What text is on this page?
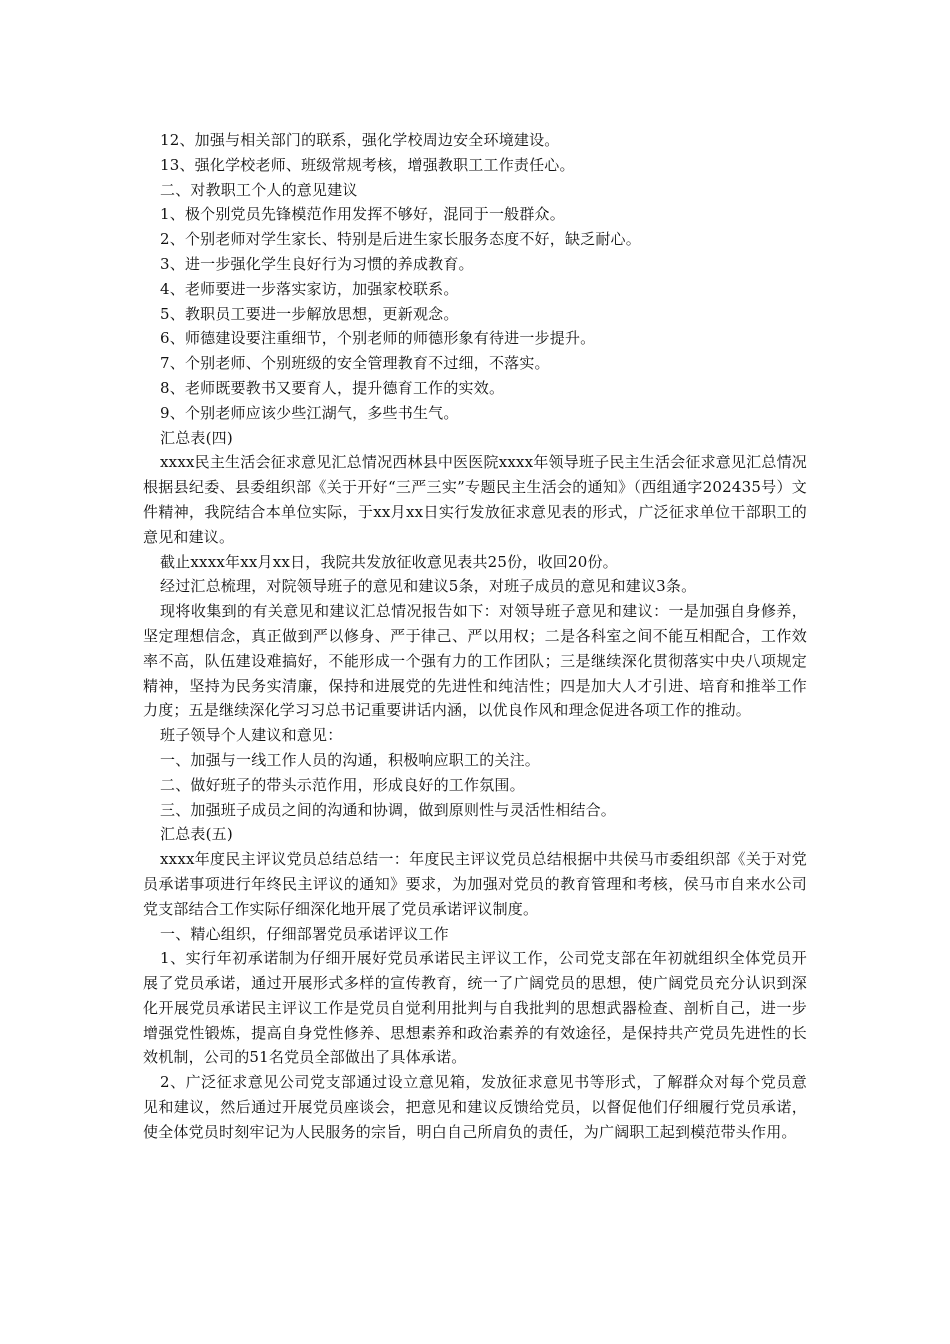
12、加强与相关部门的联系，强化学校周边安全环境建设。

13、强化学校老师、班级常规考核，增强教职工工作责任心。

二、对教职工个人的意见建议

1、极个别党员先锋模范作用发挥不够好，混同于一般群众。

2、个别老师对学生家长、特别是后进生家长服务态度不好，缺乏耐心。

3、进一步强化学生良好行为习惯的养成教育。

4、老师要进一步落实家访，加强家校联系。

5、教职员工要进一步解放思想，更新观念。

6、师德建设要注重细节，个别老师的师德形象有待进一步提升。

7、个别老师、个别班级的安全管理教育不过细，不落实。

8、老师既要教书又要育人，提升德育工作的实效。

9、个别老师应该少些江湖气，多些书生气。

汇总表(四)

xxxx民主生活会征求意见汇总情况西林县中医医院xxxx年领导班子民主生活会征求意见汇总情况根据县纪委、县委组织部《关于开好“三严三实”专题民主生活会的通知》（西组通字202435号）文件精神，我院结合本单位实际，于xx月xx日实行发放征求意见表的形式，广泛征求单位干部职工的意见和建议。

截止xxxx年xx月xx日，我院共发放征收意见表共25份，收回20份。

经过汇总梳理，对院领导班子的意见和建议5条，对班子成员的意见和建议3条。

现将收集到的有关意见和建议汇总情况报告如下：对领导班子意见和建议：一是加强自身修养，坚定理想信念，真正做到严以修身、严于律己、严以用权；二是各科室之间不能互相配合，工作效率不高，队伍建设难搞好，不能形成一个强有力的工作团队；三是继续深化贯彻落实中央八项规定精神，坚持为民务实清廉，保持和进展党的先进性和纯洁性；四是加大人才引进、培育和推举工作力度；五是继续深化学习习总书记重要讲话内涵，以优良作风和理念促进各项工作的推动。

班子领导个人建议和意见：

一、加强与一线工作人员的沟通，积极响应职工的关注。

二、做好班子的带头示范作用，形成良好的工作氛围。

三、加强班子成员之间的沟通和协调，做到原则性与灵活性相结合。

汇总表(五)

xxxx年度民主评议党员总结总结一：年度民主评议党员总结根据中共侯马市委组织部《关于对党员承诺事项进行年终民主评议的通知》要求，为加强对党员的教育管理和考核，侯马市自来水公司党支部结合工作实际仔细深化地开展了党员承诺评议制度。

一、精心组织，仔细部署党员承诺评议工作

1、实行年初承诺制为仔细开展好党员承诺民主评议工作，公司党支部在年初就组织全体党员开展了党员承诺，通过开展形式多样的宣传教育，统一了广阔党员的思想，使广阔党员充分认识到深化开展党员承诺民主评议工作是党员自觉利用批判与自我批判的思想武器检查、剖析自己，进一步增强党性锻炼，提高自身党性修养、思想素养和政治素养的有效途径，是保持共产党员先进性的长效机制，公司的51名党员全部做出了具体承诺。

2、广泛征求意见公司党支部通过设立意见箱，发放征求意见书等形式，了解群众对每个党员意见和建议，然后通过开展党员座谈会，把意见和建议反馈给党员，以督促他们仔细履行党员承诺，使全体党员时刻牢记为人民服务的宗旨，明白自己所肩负的责任，为广阔职工起到模范带头作用。
